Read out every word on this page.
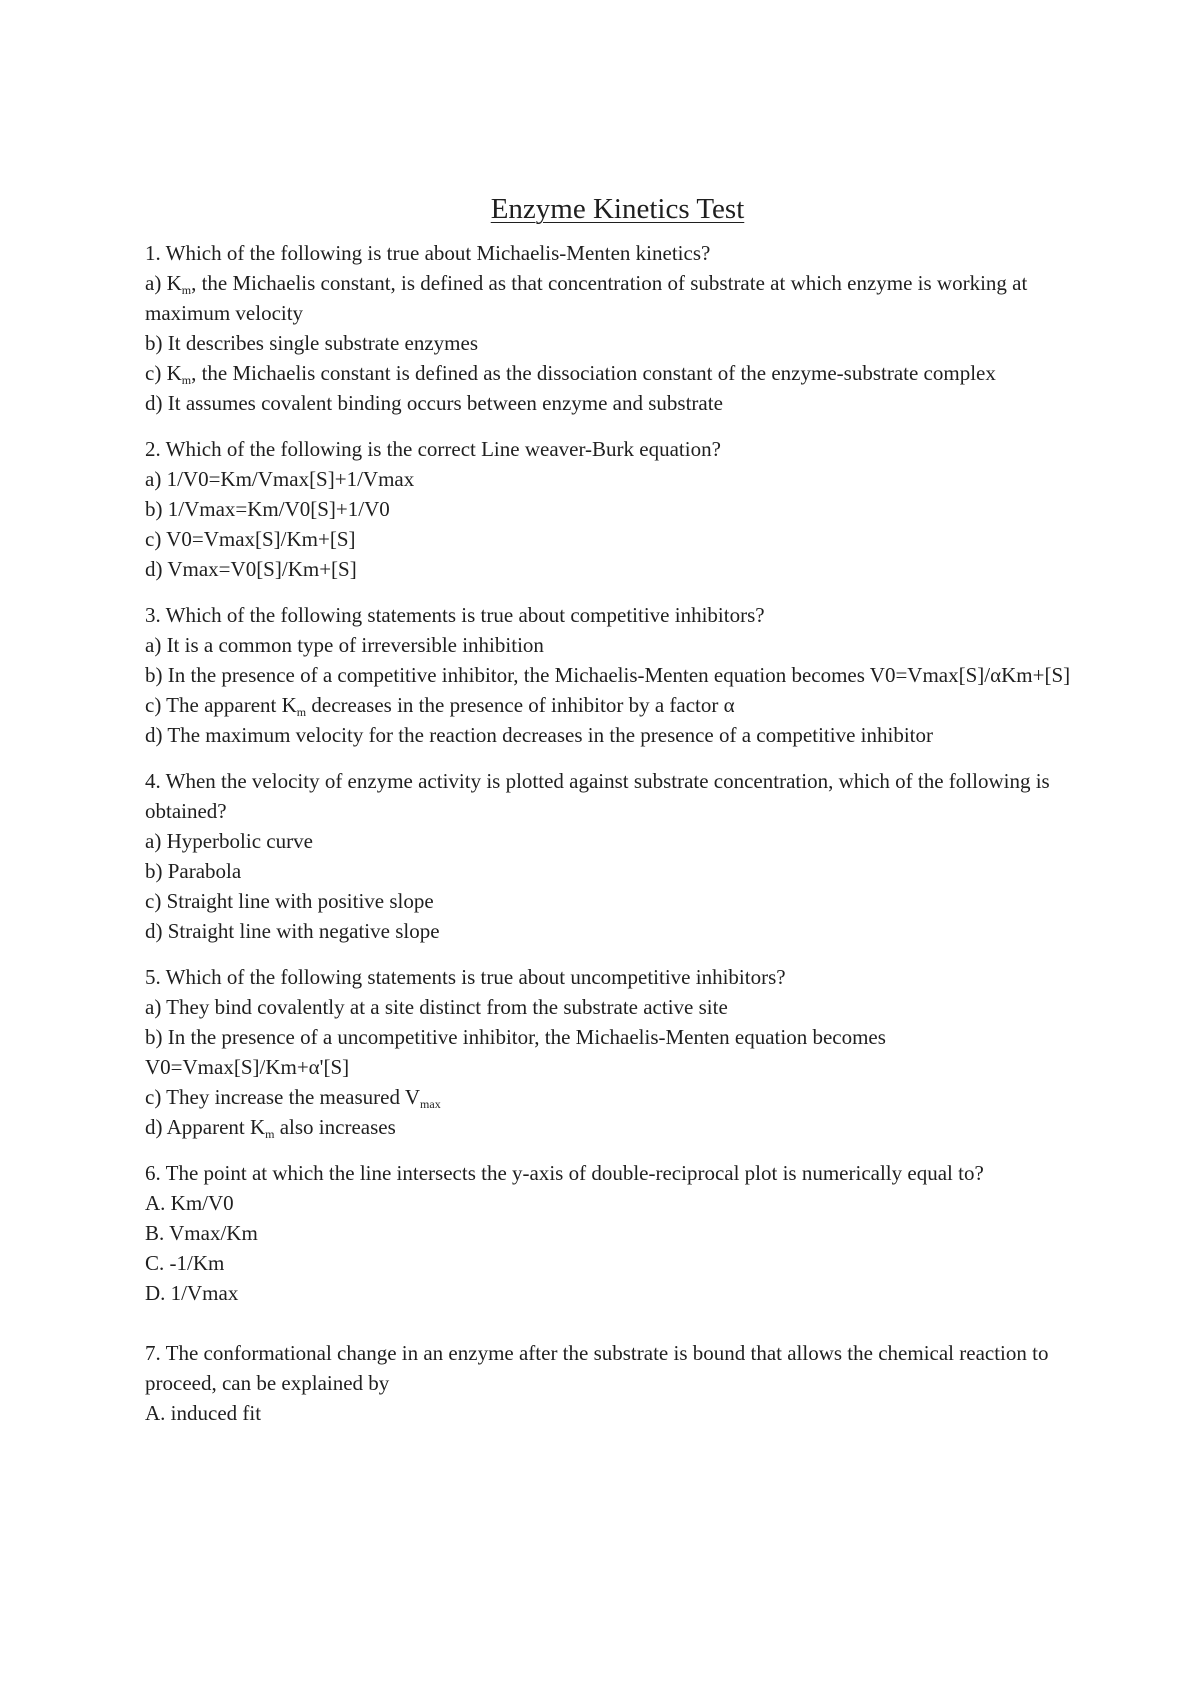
Enzyme Kinetics Test
1. Which of the following is true about Michaelis-Menten kinetics?
a) $K_m$, the Michaelis constant, is defined as that concentration of substrate at which enzyme is working at maximum velocity
b) It describes single substrate enzymes
c) $K_m$, the Michaelis constant is defined as the dissociation constant of the enzyme-substrate complex
d) It assumes covalent binding occurs between enzyme and substrate
2. Which of the following is the correct Line weaver-Burk equation?
a) 1/V0=Km/Vmax[S]+1/Vmax
b) 1/Vmax=Km/V0[S]+1/V0
c) V0=Vmax[S]/Km+[S]
d) Vmax=V0[S]/Km+[S]
3. Which of the following statements is true about competitive inhibitors?
a) It is a common type of irreversible inhibition
b) In the presence of a competitive inhibitor, the Michaelis-Menten equation becomes V0=Vmax[S]/αKm+[S]
c) The apparent $K_m$ decreases in the presence of inhibitor by a factor α
d) The maximum velocity for the reaction decreases in the presence of a competitive inhibitor
4. When the velocity of enzyme activity is plotted against substrate concentration, which of the following is obtained?
a) Hyperbolic curve
b) Parabola
c) Straight line with positive slope
d) Straight line with negative slope
5. Which of the following statements is true about uncompetitive inhibitors?
a) They bind covalently at a site distinct from the substrate active site
b) In the presence of a uncompetitive inhibitor, the Michaelis-Menten equation becomes V0=Vmax[S]/Km+α'[S]
c) They increase the measured $V_{max}$
d) Apparent $K_m$ also increases
6. The point at which the line intersects the y-axis of double-reciprocal plot is numerically equal to?
A. Km/V0
B. Vmax/Km
C. -1/Km
D. 1/Vmax
7. The conformational change in an enzyme after the substrate is bound that allows the chemical reaction to proceed, can be explained by
A. induced fit
